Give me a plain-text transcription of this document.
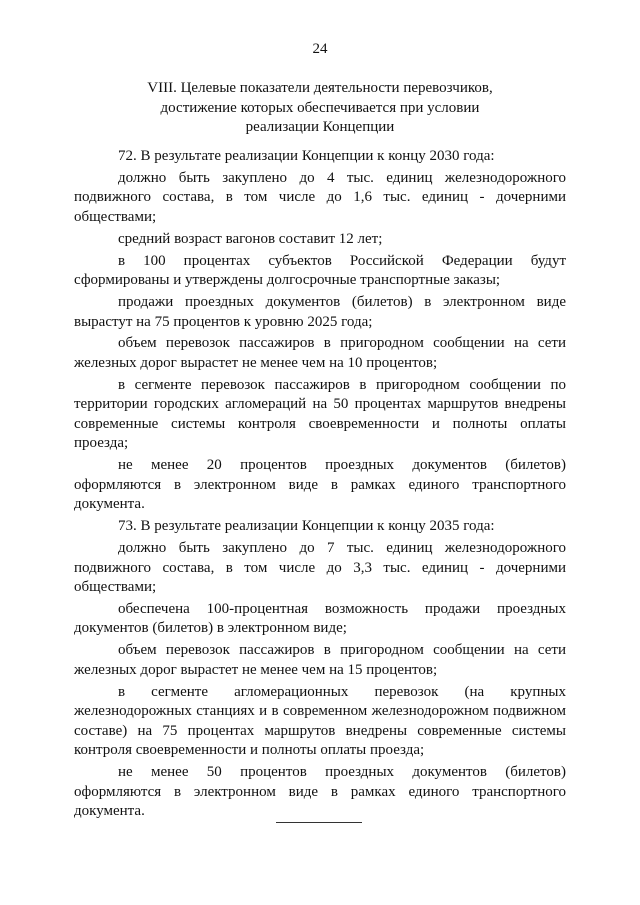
24
VIII. Целевые показатели деятельности перевозчиков,
достижение которых обеспечивается при условии
реализации Концепции

72. В результате реализации Концепции к концу 2030 года:

должно быть закуплено до 4 тыс. единиц железнодорожного подвижного состава, в том числе до 1,6 тыс. единиц - дочерними обществами;

средний возраст вагонов составит 12 лет;

в 100 процентах субъектов Российской Федерации будут сформированы и утверждены долгосрочные транспортные заказы;

продажи проездных документов (билетов) в электронном виде вырастут на 75 процентов к уровню 2025 года;

объем перевозок пассажиров в пригородном сообщении на сети железных дорог вырастет не менее чем на 10 процентов;

в сегменте перевозок пассажиров в пригородном сообщении по территории городских агломераций на 50 процентах маршрутов внедрены современные системы контроля своевременности и полноты оплаты проезда;

не менее 20 процентов проездных документов (билетов) оформляются в электронном виде в рамках единого транспортного документа.

73. В результате реализации Концепции к концу 2035 года:

должно быть закуплено до 7 тыс. единиц железнодорожного подвижного состава, в том числе до 3,3 тыс. единиц - дочерними обществами;

обеспечена 100-процентная возможность продажи проездных документов (билетов) в электронном виде;

объем перевозок пассажиров в пригородном сообщении на сети железных дорог вырастет не менее чем на 15 процентов;

в сегменте агломерационных перевозок (на крупных железнодорожных станциях и в современном железнодорожном подвижном составе) на 75 процентах маршрутов внедрены современные системы контроля своевременности и полноты оплаты проезда;

не менее 50 процентов проездных документов (билетов) оформляются в электронном виде в рамках единого транспортного документа.
